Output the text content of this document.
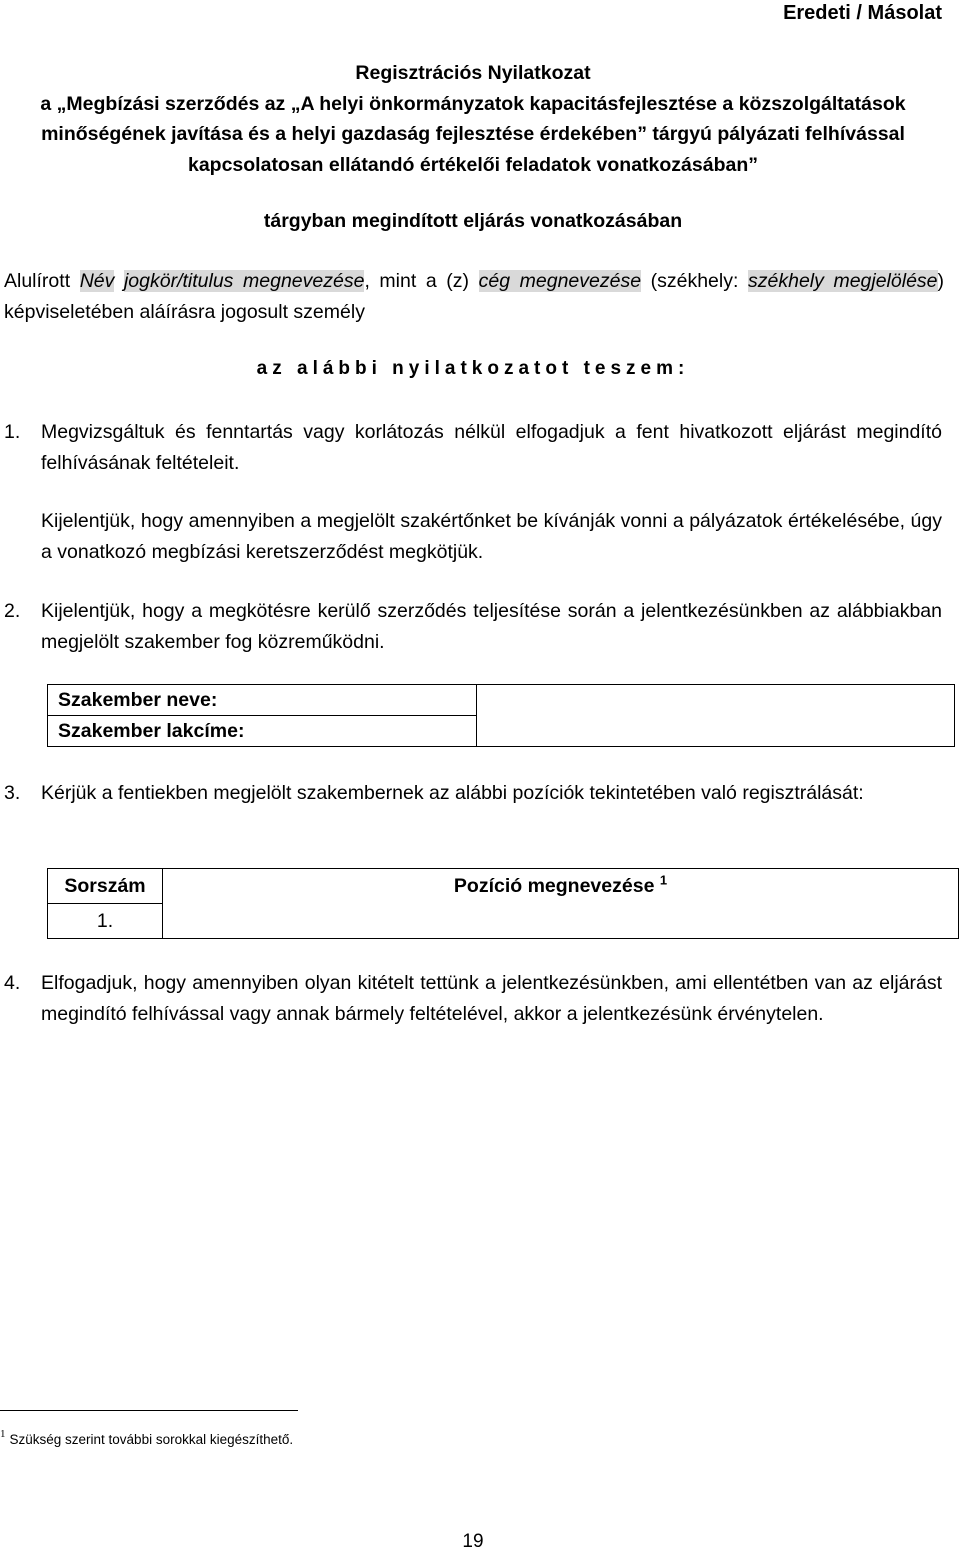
Eredeti / Másolat
Regisztrációs Nyilatkozat
a „Megbízási szerződés az „A helyi önkormányzatok kapacitásfejlesztése a közszolgáltatások
minőségének javítása és a helyi gazdaság fejlesztése érdekében” tárgyú pályázati felhívással
kapcsolatosan ellátandó értékelői feladatok vonatkozásában”
tárgyban megindított eljárás vonatkozásában
Alulírott Név jogkör/titulus megnevezése, mint a (z) cég megnevezése (székhely: székhely megjelölése) képviseletében aláírásra jogosult személy
az alábbi nyilatkozatot teszem:
1. Megvizsgáltuk és fenntartás vagy korlátozás nélkül elfogadjuk a fent hivatkozott eljárást megindító felhívásának feltételeit.
Kijelentjük, hogy amennyiben a megjelölt szakértőnket be kívánják vonni a pályázatok értékelésébe, úgy a vonatkozó megbízási keretszerződést megkötjük.
2. Kijelentjük, hogy a megkötésre kerülő szerződés teljesítése során a jelentkezésünkben az alábbiakban megjelölt szakember fog közreműködni.
Szakember neve:	
Szakember lakcíme:
3. Kérjük a fentiekben megjelölt szakembernek az alábbi pozíciók tekintetében való regisztrálását:
Sorszám	Pozíció megnevezése $^1$
1.
4. Elfogadjuk, hogy amennyiben olyan kitételt tettünk a jelentkezésünkben, ami ellentétben van az eljárást megindító felhívással vagy annak bármely feltételével, akkor a jelentkezésünk érvénytelen.
$^1$ Szükség szerint további sorokkal kiegészíthető.
19
